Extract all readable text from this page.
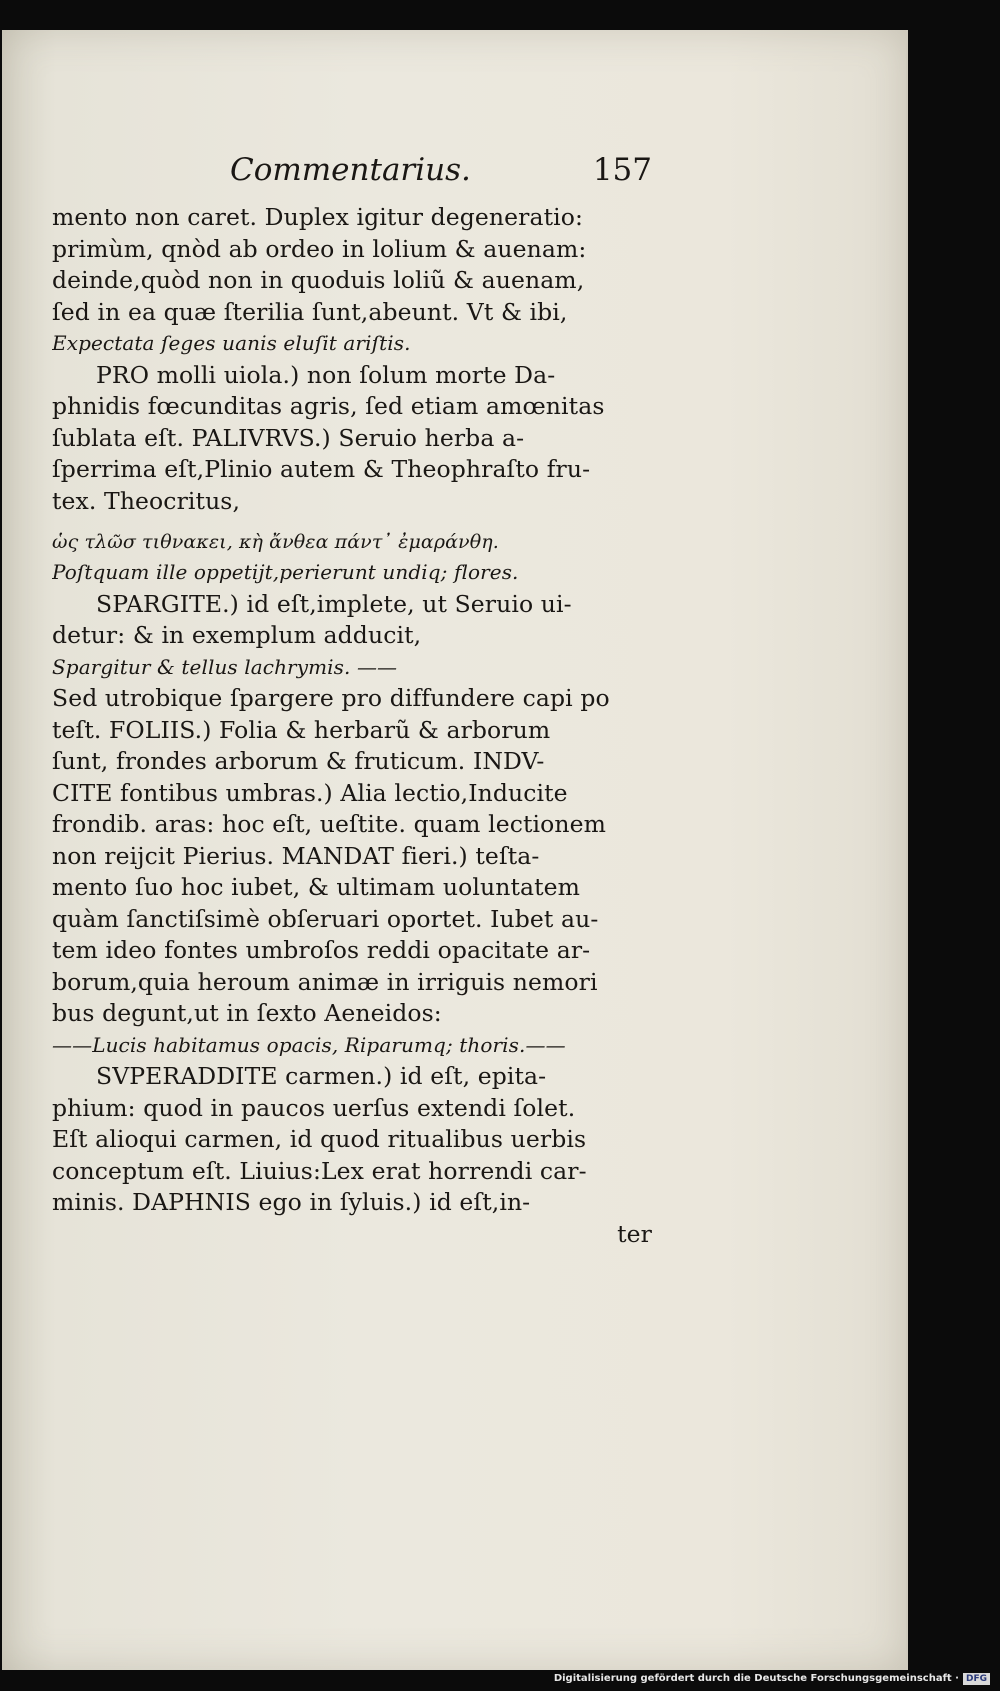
Commentarius.	157
mento non caret. Duplex igitur degeneratio:
primùm, qnòd ab ordeo in lolium & auenam:
deinde,quòd non in quoduis loliũ & auenam,
ſed in ea quæ ſterilia ſunt,abeunt. Vt & ibi,
Expectata ſeges uanis eluſit ariſtis.
PRO molli uiola.) non ſolum morte Da-
phnidis fœcunditas agris, ſed etiam amœnitas
ſublata eſt. PALIVRVS.) Seruio herba a-
ſperrima eſt,Plinio autem & Theophraſto fru-
tex. Theocritus,
ὡς τλῶσ τιθνακει, κὴ ἄνθεα πάντ᾽ ἐμαράνθη.
Poſtquam ille oppetijt,perierunt undiq; flores.
SPARGITE.) id eſt,implete, ut Seruio ui-
detur: & in exemplum adducit,
Spargitur & tellus lachrymis. ——
Sed utrobique ſpargere pro diffundere capi po
teſt. FOLIIS.) Folia & herbarũ & arborum
ſunt, frondes arborum & fruticum. INDV-
CITE fontibus umbras.) Alia lectio,Inducite
frondib. aras: hoc eſt, ueſtite. quam lectionem
non reijcit Pierius. MANDAT fieri.) teſta-
mento ſuo hoc iubet, & ultimam uoluntatem
quàm ſanctiſsimè obſeruari oportet. Iubet au-
tem ideo fontes umbroſos reddi opacitate ar-
borum,quia heroum animæ in irriguis nemori
bus degunt,ut in ſexto Aeneidos:
——Lucis habitamus opacis, Riparumq; thoris.——
SVPERADDITE carmen.) id eſt, epita-
phium: quod in paucos uerſus extendi ſolet.
Eſt alioqui carmen, id quod ritualibus uerbis
conceptum eſt. Liuius:Lex erat horrendi car-
minis. DAPHNIS ego in ſyluis.) id eſt,in-
ter
Digitalisierung gefördert durch die Deutsche Forschungsgemeinschaft · DFG
